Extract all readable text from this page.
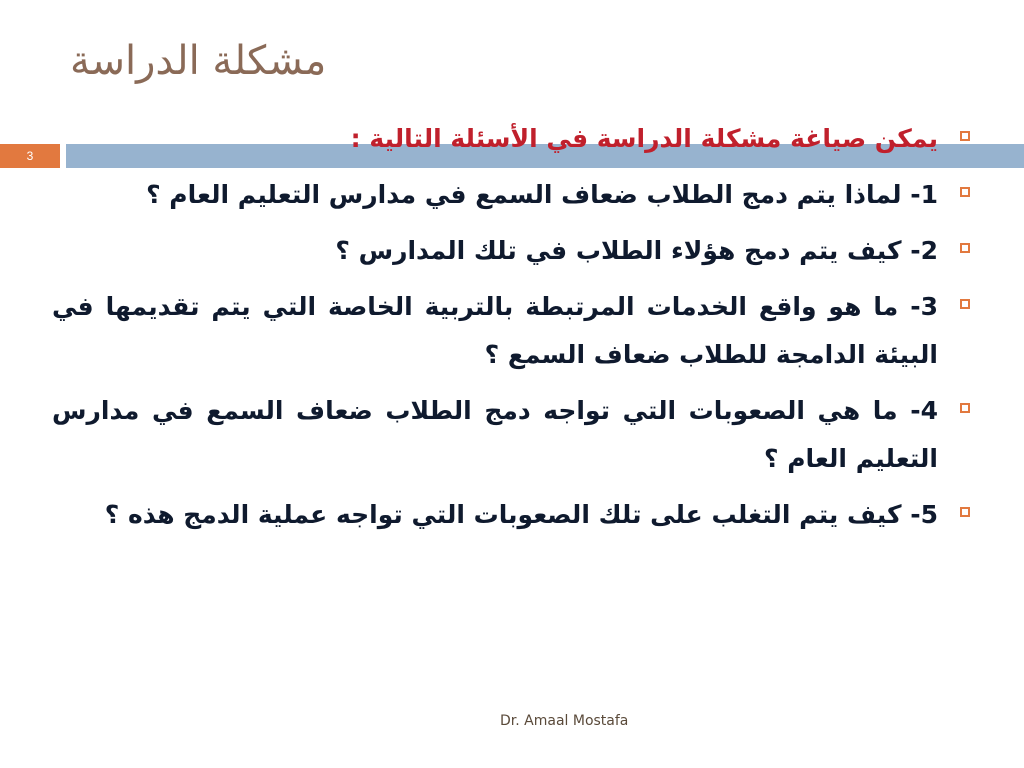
مشكلة الدراسة
3
يمكن صياغة مشكلة الدراسة في الأسئلة التالية :
1- لماذا يتم دمج الطلاب ضعاف السمع في مدارس التعليم العام ؟
2- كيف يتم دمج هؤلاء الطلاب في تلك المدارس ؟
3- ما هو واقع الخدمات المرتبطة بالتربية الخاصة التي يتم تقديمها في البيئة الدامجة للطلاب ضعاف السمع ؟
4- ما هي الصعوبات التي تواجه دمج الطلاب ضعاف السمع في مدارس التعليم العام ؟
5- كيف يتم التغلب على تلك الصعوبات التي تواجه عملية الدمج هذه ؟
Dr. Amaal Mostafa
